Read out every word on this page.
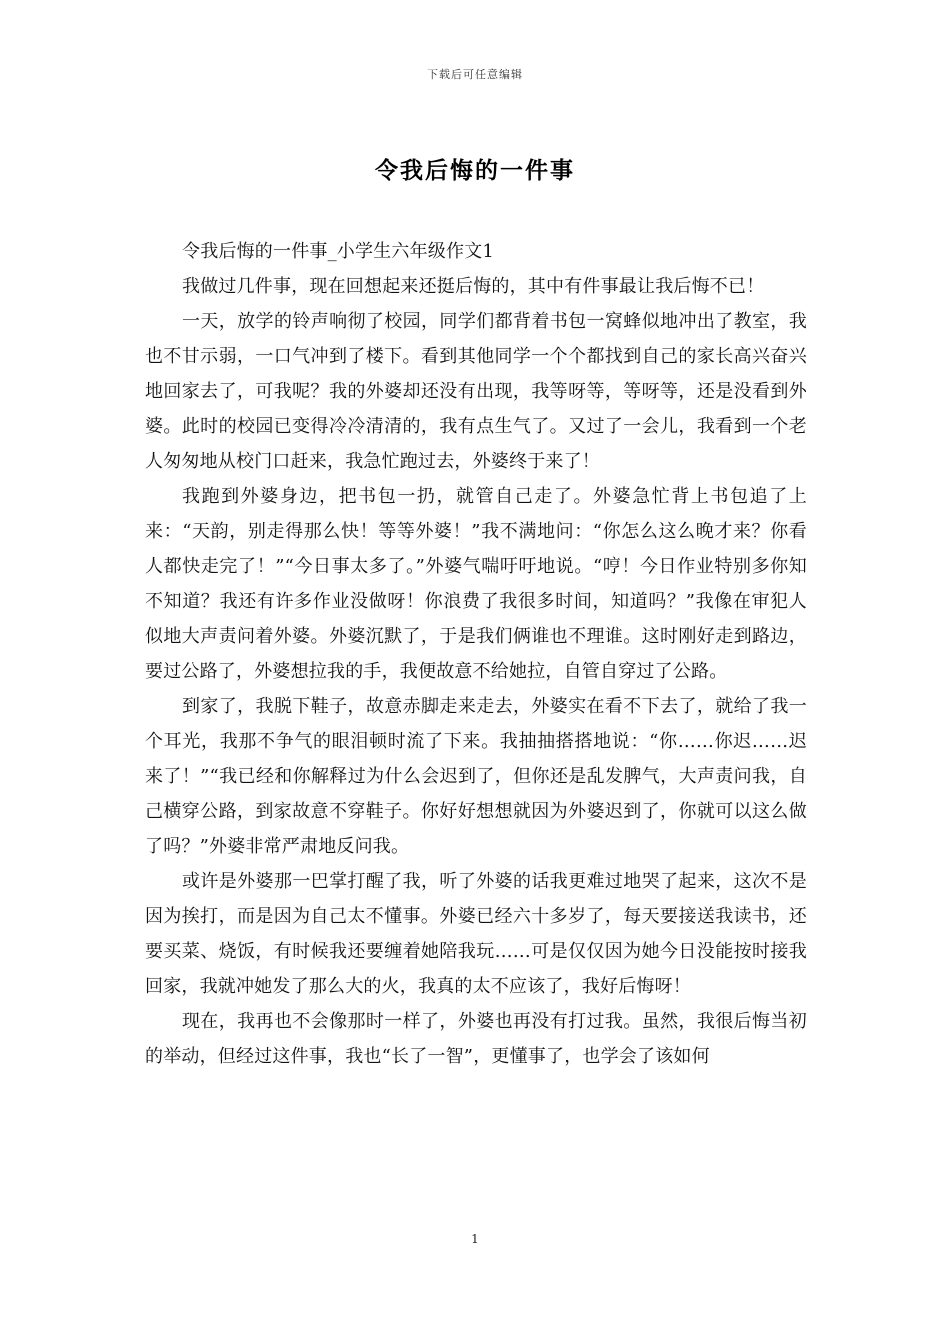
下载后可任意编辑
令我后悔的一件事

令我后悔的一件事_小学生六年级作文1

我做过几件事，现在回想起来还挺后悔的，其中有件事最让我后悔不已！

一天，放学的铃声响彻了校园，同学们都背着书包一窝蜂似地冲出了教室，我也不甘示弱，一口气冲到了楼下。看到其他同学一个个都找到自己的家长高兴奋兴地回家去了，可我呢？我的外婆却还没有出现，我等呀等，等呀等，还是没看到外婆。此时的校园已变得冷冷清清的，我有点生气了。又过了一会儿，我看到一个老人匆匆地从校门口赶来，我急忙跑过去，外婆终于来了！

我跑到外婆身边，把书包一扔，就管自己走了。外婆急忙背上书包追了上来：“天韵，别走得那么快！等等外婆！”我不满地问：“你怎么这么晚才来？你看人都快走完了！”“今日事太多了。”外婆气喘吁吁地说。“哼！今日作业特别多你知不知道？我还有许多作业没做呀！你浪费了我很多时间，知道吗？”我像在审犯人似地大声责问着外婆。外婆沉默了，于是我们俩谁也不理谁。这时刚好走到路边，要过公路了，外婆想拉我的手，我便故意不给她拉，自管自穿过了公路。

到家了，我脱下鞋子，故意赤脚走来走去，外婆实在看不下去了，就给了我一个耳光，我那不争气的眼泪顿时流了下来。我抽抽搭搭地说：“你……你迟……迟来了！”“我已经和你解释过为什么会迟到了，但你还是乱发脾气，大声责问我，自己横穿公路，到家故意不穿鞋子。你好好想想就因为外婆迟到了，你就可以这么做了吗？”外婆非常严肃地反问我。

或许是外婆那一巴掌打醒了我，听了外婆的话我更难过地哭了起来，这次不是因为挨打，而是因为自己太不懂事。外婆已经六十多岁了，每天要接送我读书，还要买菜、烧饭，有时候我还要缠着她陪我玩……可是仅仅因为她今日没能按时接我回家，我就冲她发了那么大的火，我真的太不应该了，我好后悔呀！

现在，我再也不会像那时一样了，外婆也再没有打过我。虽然，我很后悔当初的举动，但经过这件事，我也“长了一智”，更懂事了，也学会了该如何

1
